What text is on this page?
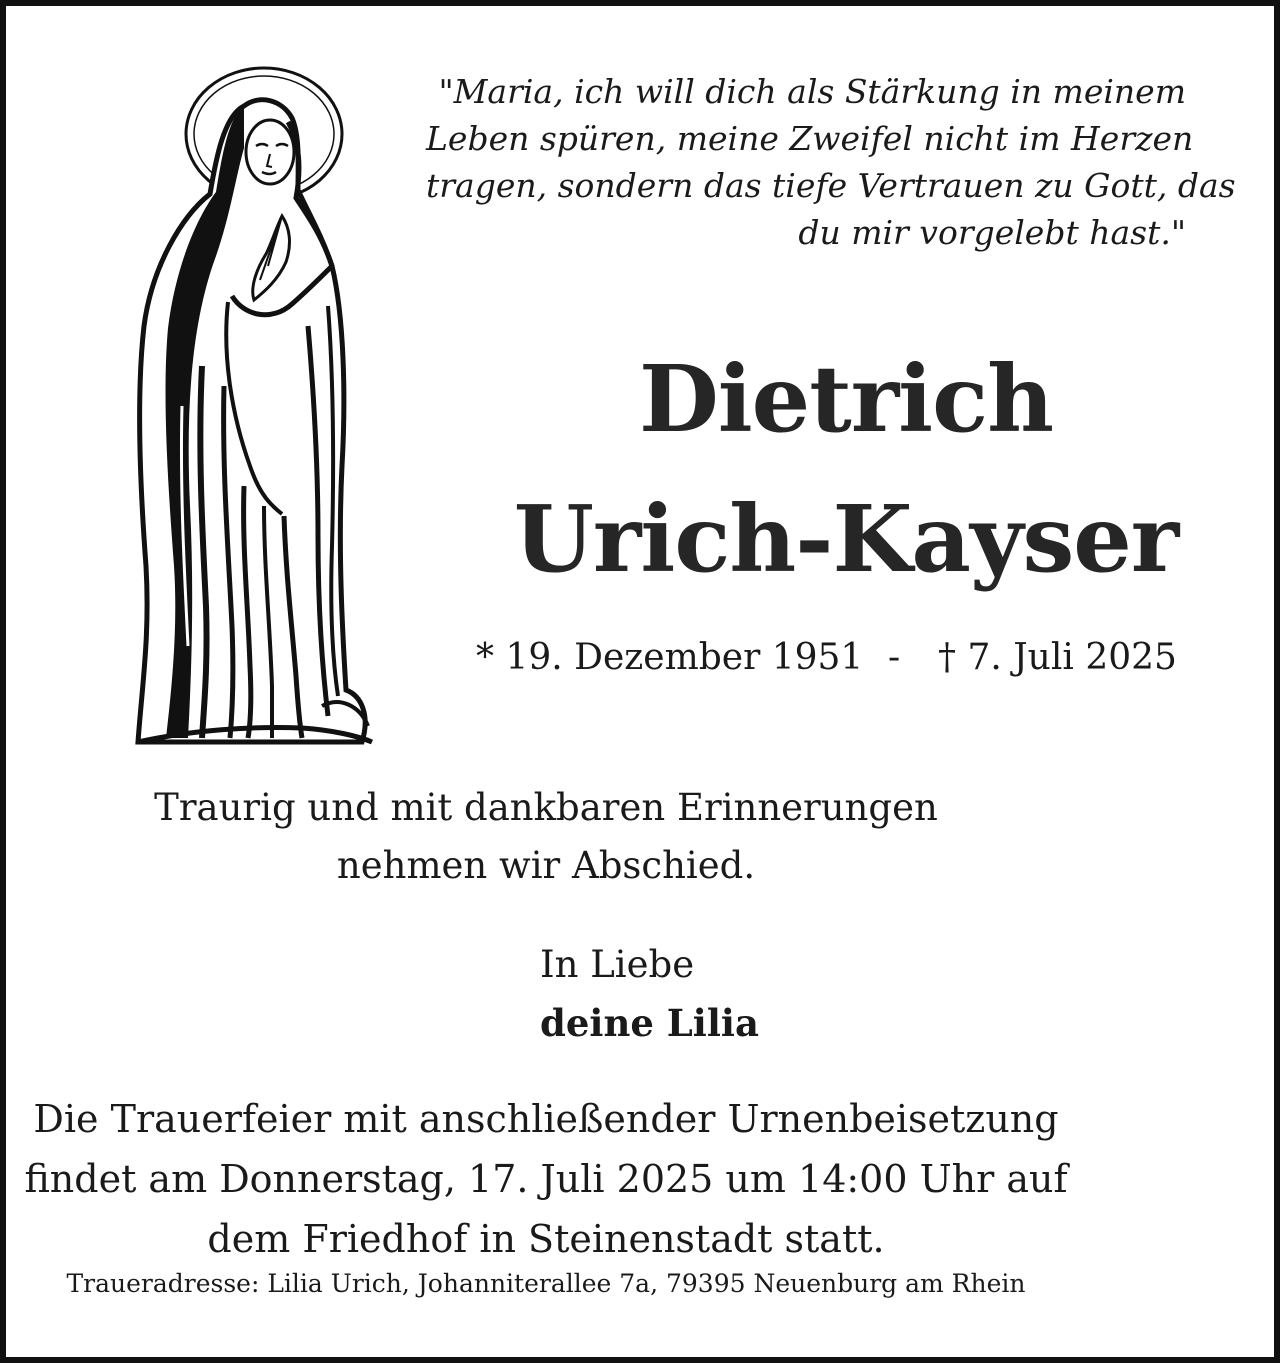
"Maria, ich will dich als Stärkung in meinem
Leben spüren, meine Zweifel nicht im Herzen
tragen, sondern das tiefe Vertrauen zu Gott, das
du mir vorgelebt hast."
Dietrich
Urich-Kayser
* 19. Dezember 1951 - † 7. Juli 2025
Traurig und mit dankbaren Erinnerungen
nehmen wir Abschied.
In Liebe
deine Lilia
Die Trauerfeier mit anschließender Urnenbeisetzung
findet am Donnerstag, 17. Juli 2025 um 14:00 Uhr auf
dem Friedhof in Steinenstadt statt.
Traueradresse: Lilia Urich, Johanniterallee 7a, 79395 Neuenburg am Rhein
